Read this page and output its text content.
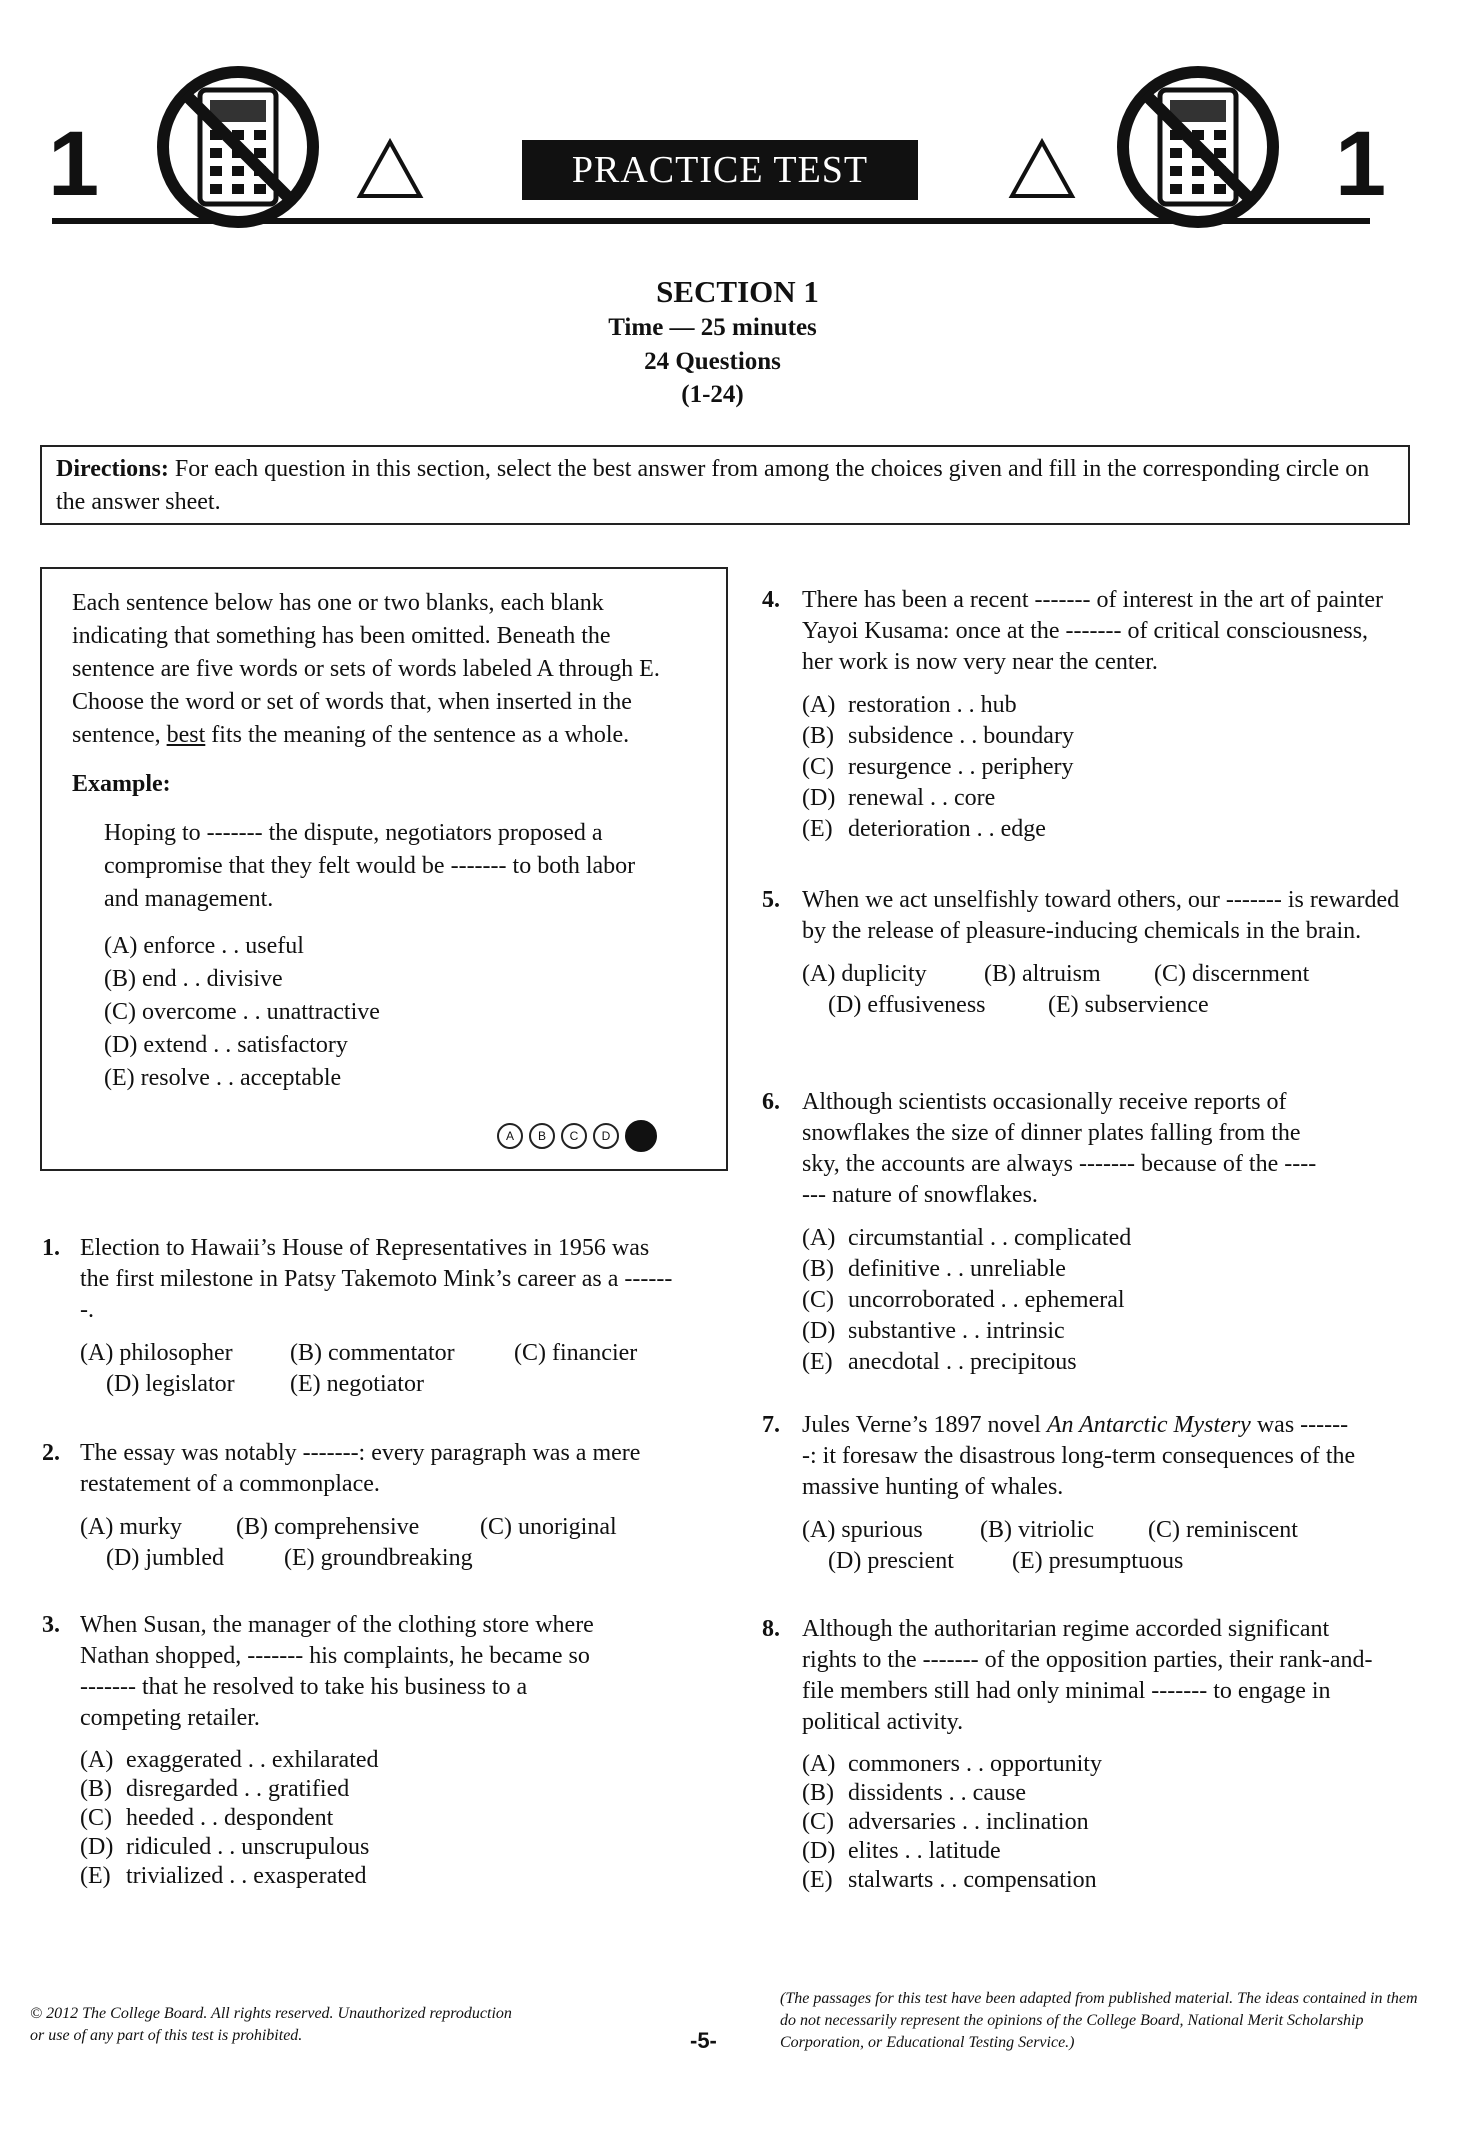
1	1
PRACTICE TEST
SECTION 1
Time — 25 minutes
24 Questions
(1-24)
Directions: For each question in this section, select the best answer from among the choices given and fill in the corresponding circle on the answer sheet.
Each sentence below has one or two blanks, each blank indicating that something has been omitted. Beneath the sentence are five words or sets of words labeled A through E. Choose the word or set of words that, when inserted in the sentence, best fits the meaning of the sentence as a whole.
Example:
Hoping to ------- the dispute, negotiators proposed a compromise that they felt would be ------- to both labor and management.
(A) enforce . . useful
(B) end . . divisive
(C) overcome . . unattractive
(D) extend . . satisfactory
(E) resolve . . acceptable
A B C D
1. Election to Hawaii’s House of Representatives in 1956 was the first milestone in Patsy Takemoto Mink’s career as a -------.
(A) philosopher (B) commentator (C) financier
(D) legislator (E) negotiator
2. The essay was notably -------: every paragraph was a mere restatement of a commonplace.
(A) murky (B) comprehensive	(C) unoriginal
(D) jumbled	(E) groundbreaking
3. When Susan, the manager of the clothing store where Nathan shopped, ------- his complaints, he became so ------- that he resolved to take his business to a competing retailer.
(A) exaggerated . . exhilarated
(B) disregarded . . gratified
(C) heeded . . despondent
(D) ridiculed . . unscrupulous
(E) trivialized . . exasperated
4. There has been a recent ------- of interest in the art of painter Yayoi Kusama: once at the ------- of critical consciousness, her work is now very near the center.
(A) restoration . . hub
(B) subsidence . . boundary
(C) resurgence . . periphery
(D) renewal . . core
(E) deterioration . . edge
5. When we act unselfishly toward others, our ------- is rewarded by the release of pleasure-inducing chemicals in the brain.
(A) duplicity (B) altruism (C) discernment
(D) effusiveness	(E) subservience
6. Although scientists occasionally receive reports of snowflakes the size of dinner plates falling from the sky, the accounts are always ------- because of the ------- nature of snowflakes.
(A) circumstantial . . complicated
(B) definitive . . unreliable
(C) uncorroborated . . ephemeral
(D) substantive . . intrinsic
(E) anecdotal . . precipitous
7. Jules Verne’s 1897 novel An Antarctic Mystery was -------: it foresaw the disastrous long-term consequences of the massive hunting of whales.
(A) spurious (B) vitriolic (C) reminiscent
(D) prescient (E) presumptuous
8. Although the authoritarian regime accorded significant rights to the ------- of the opposition parties, their rank-and-file members still had only minimal ------- to engage in political activity.
(A) commoners . . opportunity
(B) dissidents . . cause
(C) adversaries . . inclination
(D) elites . . latitude
(E) stalwarts . . compensation
© 2012 The College Board. All rights reserved. Unauthorized reproduction or use of any part of this test is prohibited.	-5-
(The passages for this test have been adapted from published material. The ideas contained in them do not necessarily represent the opinions of the College Board, National Merit Scholarship Corporation, or Educational Testing Service.)
